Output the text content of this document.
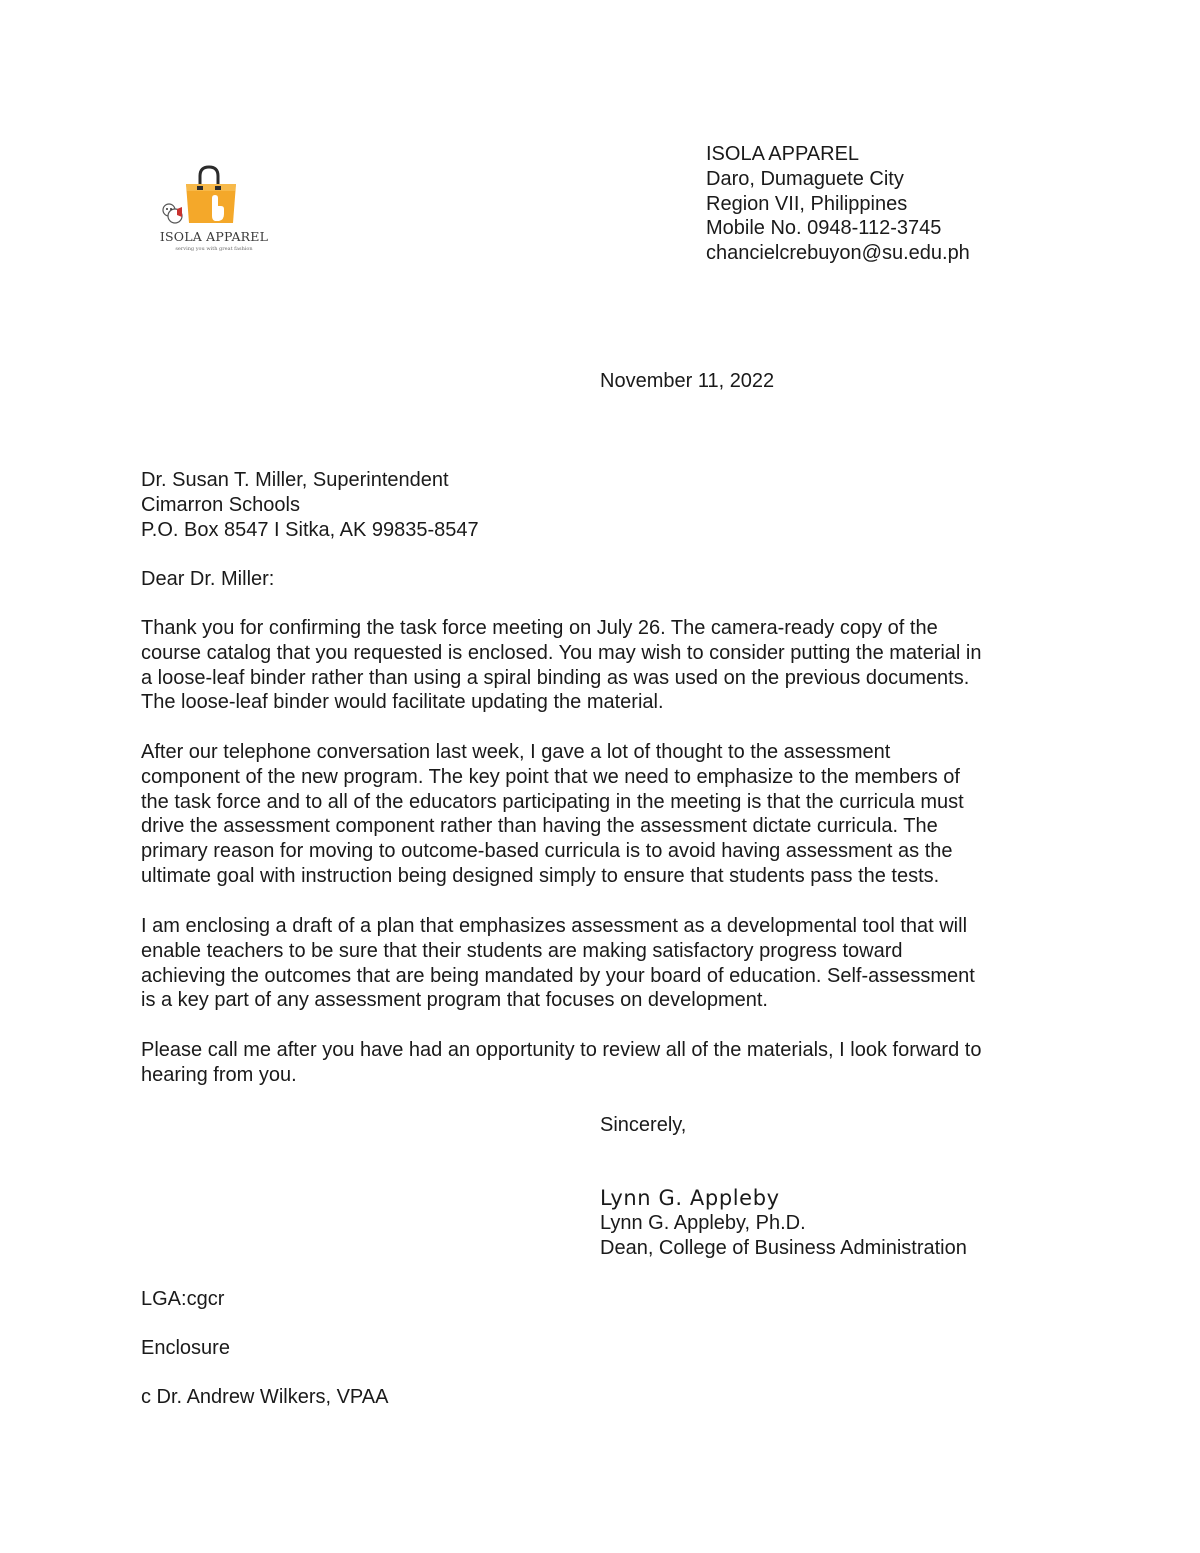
ISOLA APPAREL
serving you with great fashion
ISOLA APPAREL
Daro, Dumaguete City
Region VII, Philippines
Mobile No. 0948-112-3745
chancielcrebuyon@su.edu.ph
November 11, 2022
Dr. Susan T. Miller, Superintendent
Cimarron Schools
P.O. Box 8547 I Sitka, AK 99835-8547
Dear Dr. Miller:
Thank you for confirming the task force meeting on July 26. The camera-ready copy of the
course catalog that you requested is enclosed. You may wish to consider putting the material in
a loose-leaf binder rather than using a spiral binding as was used on the previous documents.
The loose-leaf binder would facilitate updating the material.
After our telephone conversation last week, I gave a lot of thought to the assessment
component of the new program. The key point that we need to emphasize to the members of
the task force and to all of the educators participating in the meeting is that the curricula must
drive the assessment component rather than having the assessment dictate curricula. The
primary reason for moving to outcome-based curricula is to avoid having assessment as the
ultimate goal with instruction being designed simply to ensure that students pass the tests.
I am enclosing a draft of a plan that emphasizes assessment as a developmental tool that will
enable teachers to be sure that their students are making satisfactory progress toward
achieving the outcomes that are being mandated by your board of education. Self-assessment
is a key part of any assessment program that focuses on development.
Please call me after you have had an opportunity to review all of the materials, I look forward to
hearing from you.
Sincerely,
Lynn G. Appleby
Lynn G. Appleby, Ph.D.
Dean, College of Business Administration
LGA:cgcr
Enclosure
c Dr. Andrew Wilkers, VPAA
